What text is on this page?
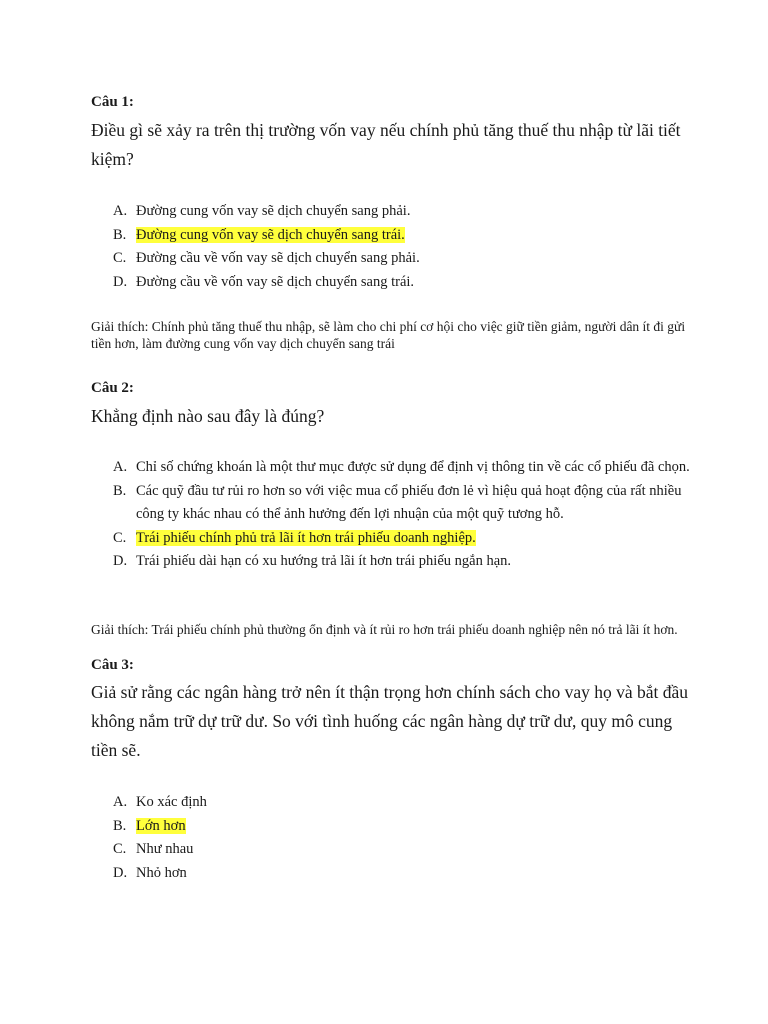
Câu 1:

Điều gì sẽ xảy ra trên thị trường vốn vay nếu chính phủ tăng thuế thu nhập từ lãi tiết kiệm?

A. Đường cung vốn vay sẽ dịch chuyển sang phải.
B. Đường cung vốn vay sẽ dịch chuyển sang trái.
C. Đường cầu về vốn vay sẽ dịch chuyển sang phải.
D. Đường cầu về vốn vay sẽ dịch chuyển sang trái.

Giải thích: Chính phủ tăng thuế thu nhập, sẽ làm cho chi phí cơ hội cho việc giữ tiền giảm, người dân ít đi gửi tiền hơn, làm đường cung vốn vay dịch chuyển sang trái

Câu 2:

Khẳng định nào sau đây là đúng?

A. Chỉ số chứng khoán là một thư mục được sử dụng để định vị thông tin về các cổ phiếu đã chọn.
B. Các quỹ đầu tư rủi ro hơn so với việc mua cổ phiếu đơn lẻ vì hiệu quả hoạt động của rất nhiều công ty khác nhau có thể ảnh hưởng đến lợi nhuận của một quỹ tương hỗ.
C. Trái phiếu chính phủ trả lãi ít hơn trái phiếu doanh nghiệp.
D. Trái phiếu dài hạn có xu hướng trả lãi ít hơn trái phiếu ngắn hạn.

Giải thích: Trái phiếu chính phủ thường ổn định và ít rủi ro hơn trái phiếu doanh nghiệp nên nó trả lãi ít hơn.

Câu 3:

Giả sử rằng các ngân hàng trở nên ít thận trọng hơn chính sách cho vay họ và bắt đầu không nắm trữ dự trữ dư. So với tình huống các ngân hàng dự trữ dư, quy mô cung tiền sẽ.

A. Ko xác định
B. Lớn hơn
C. Như nhau
D. Nhỏ hơn
